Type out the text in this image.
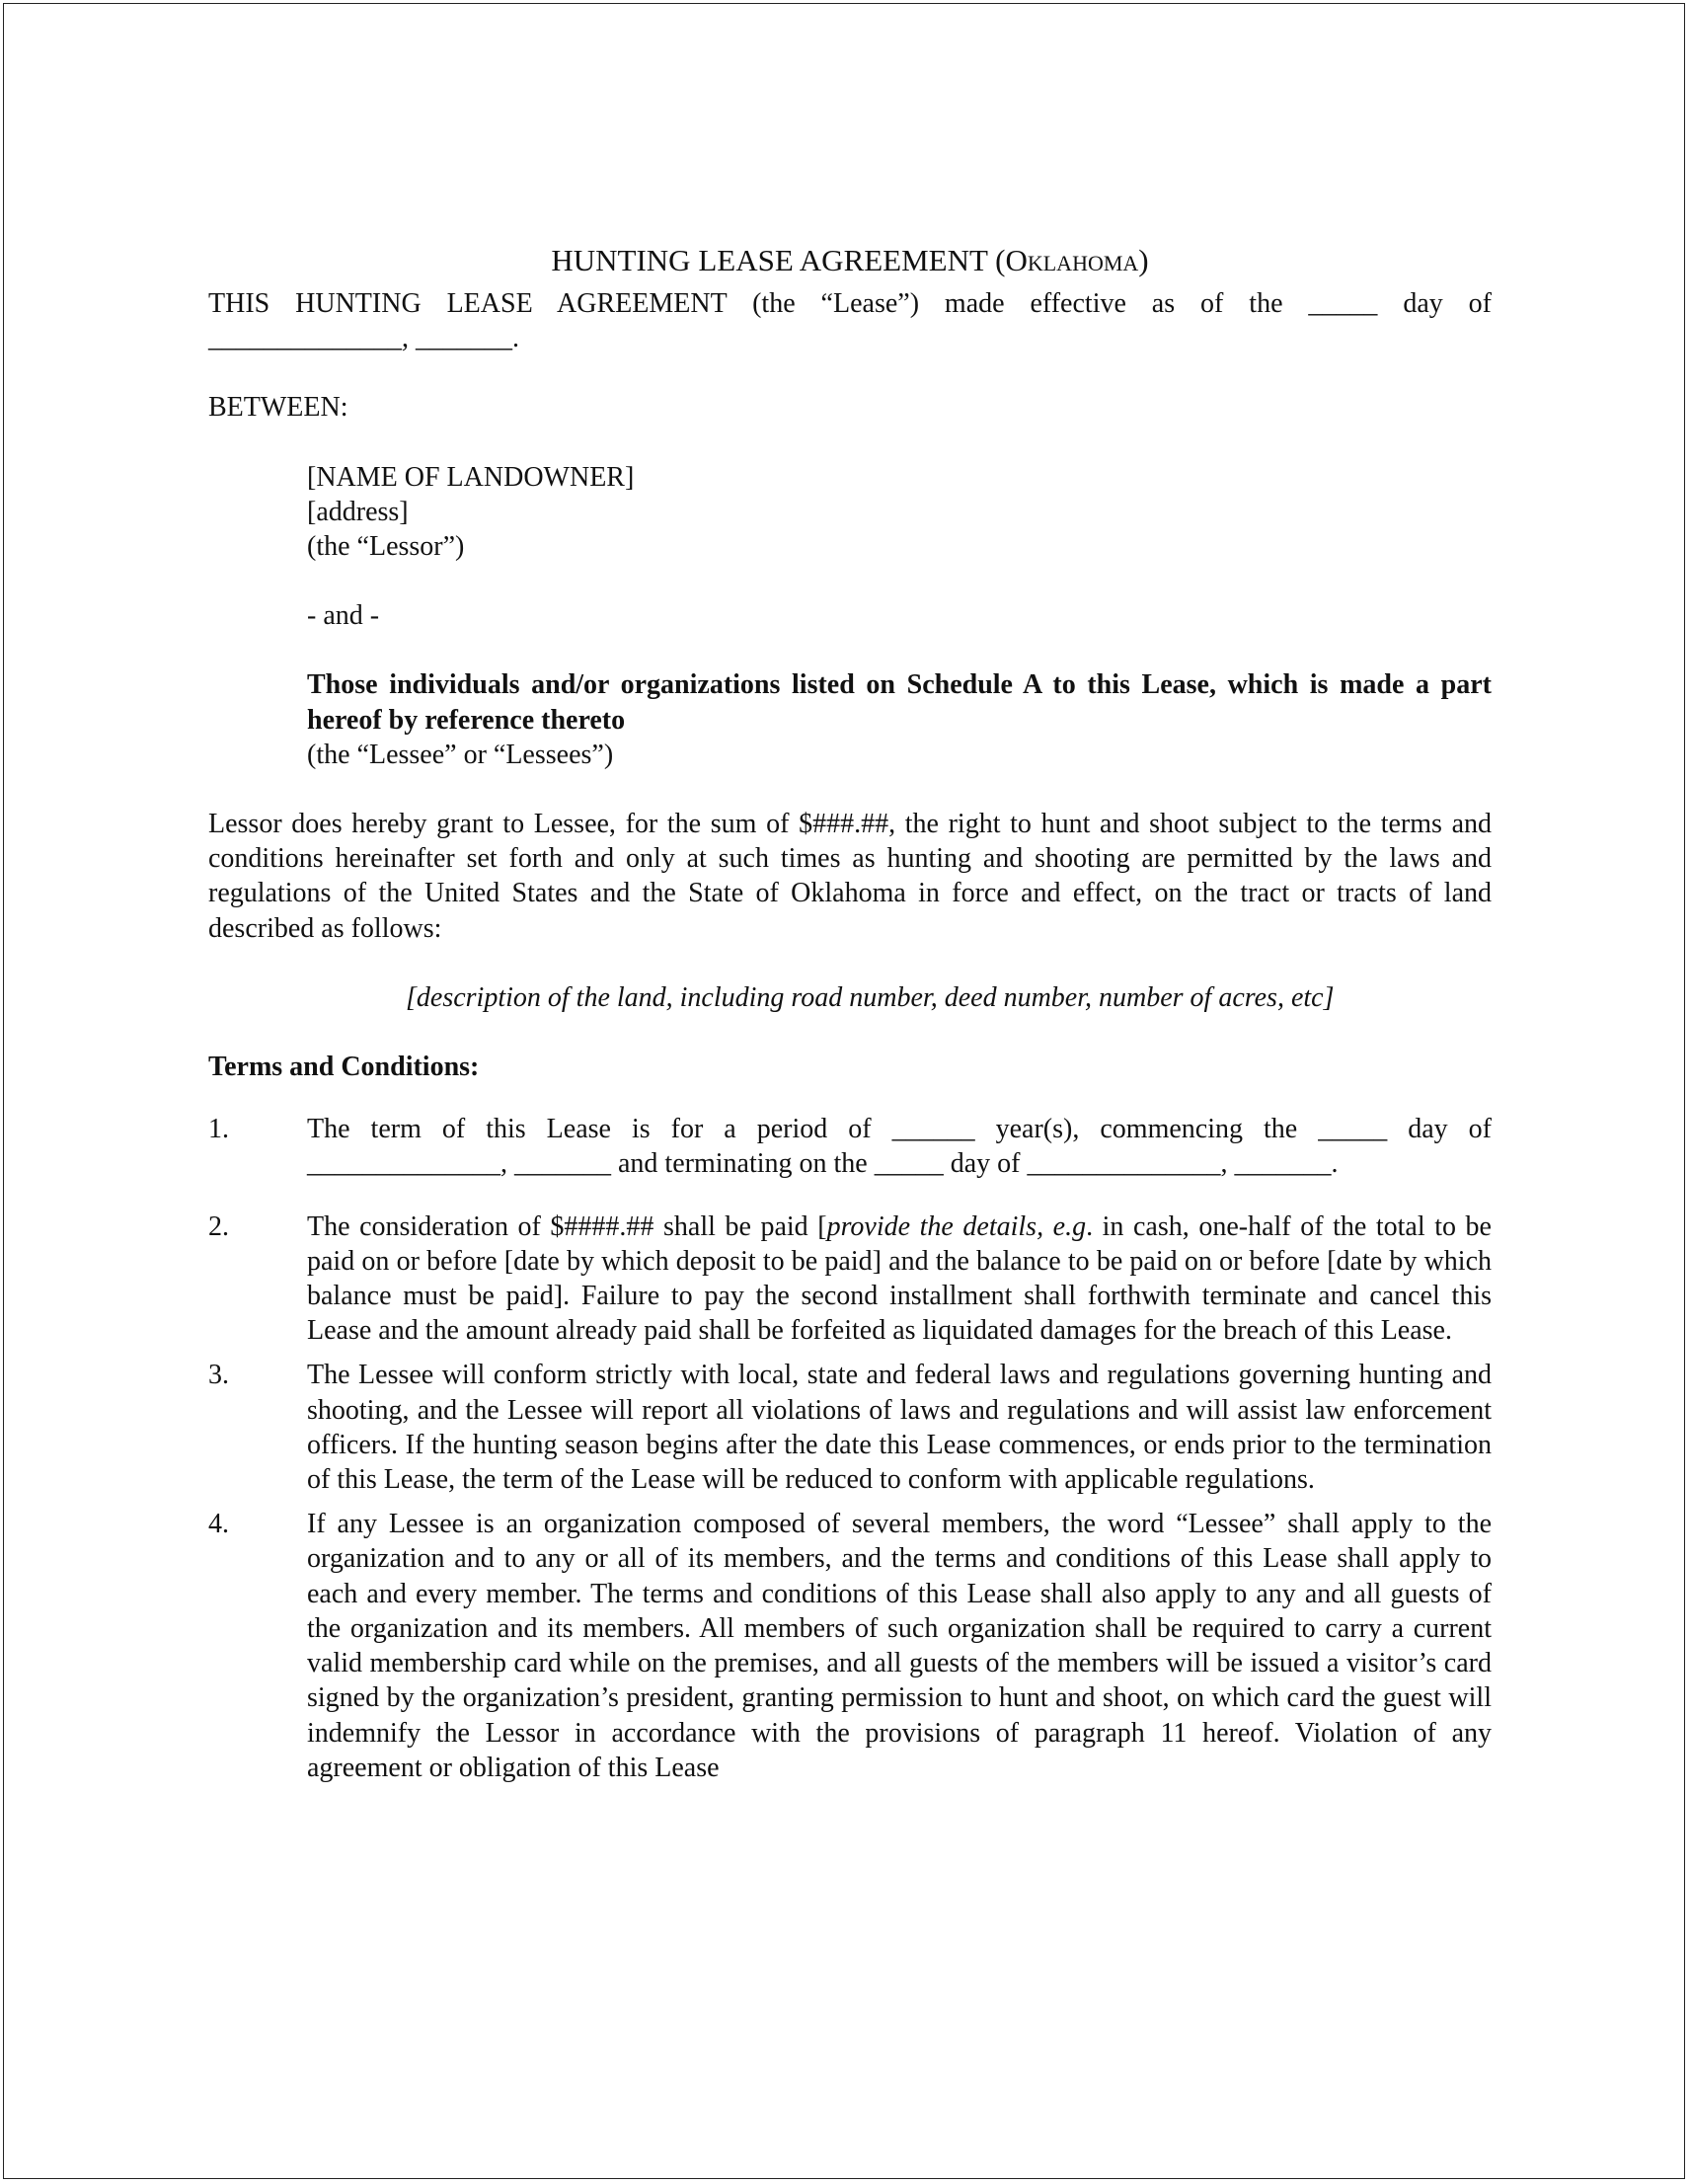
HUNTING LEASE AGREEMENT (Oklahoma)
THIS HUNTING LEASE AGREEMENT (the “Lease”) made effective as of the _____ day of
______________, _______.

BETWEEN:

[NAME OF LANDOWNER]

[address]

(the “Lessor”)

- and -

Those individuals and/or organizations listed on Schedule A to this Lease, which is made a part hereof by reference thereto

(the “Lessee” or “Lessees”)

Lessor does hereby grant to Lessee, for the sum of $###.##, the right to hunt and shoot subject to the terms and conditions hereinafter set forth and only at such times as hunting and shooting are permitted by the laws and regulations of the United States and the State of Oklahoma in force and effect, on the tract or tracts of land described as follows:

[description of the land, including road number, deed number, number of acres, etc]

Terms and Conditions:

1.	The term of this Lease is for a period of ______ year(s), commencing the _____ day of
______________, _______ and terminating on the _____ day of ______________, _______.
2.	The consideration of $####.## shall be paid [provide the details, e.g. in cash, one-half of the total to be paid on or before [date by which deposit to be paid] and the balance to be paid on or before [date by which balance must be paid]. Failure to pay the second installment shall forthwith terminate and cancel this Lease and the amount already paid shall be forfeited as liquidated damages for the breach of this Lease.
3.	The Lessee will conform strictly with local, state and federal laws and regulations governing hunting and shooting, and the Lessee will report all violations of laws and regulations and will assist law enforcement officers. If the hunting season begins after the date this Lease commences, or ends prior to the termination of this Lease, the term of the Lease will be reduced to conform with applicable regulations.
4.	If any Lessee is an organization composed of several members, the word “Lessee” shall apply to the organization and to any or all of its members, and the terms and conditions of this Lease shall apply to each and every member. The terms and conditions of this Lease shall also apply to any and all guests of the organization and its members. All members of such organization shall be required to carry a current valid membership card while on the premises, and all guests of the members will be issued a visitor’s card signed by the organization’s president, granting permission to hunt and shoot, on which card the guest will indemnify the Lessor in accordance with the provisions of paragraph 11 hereof. Violation of any agreement or obligation of this Lease
